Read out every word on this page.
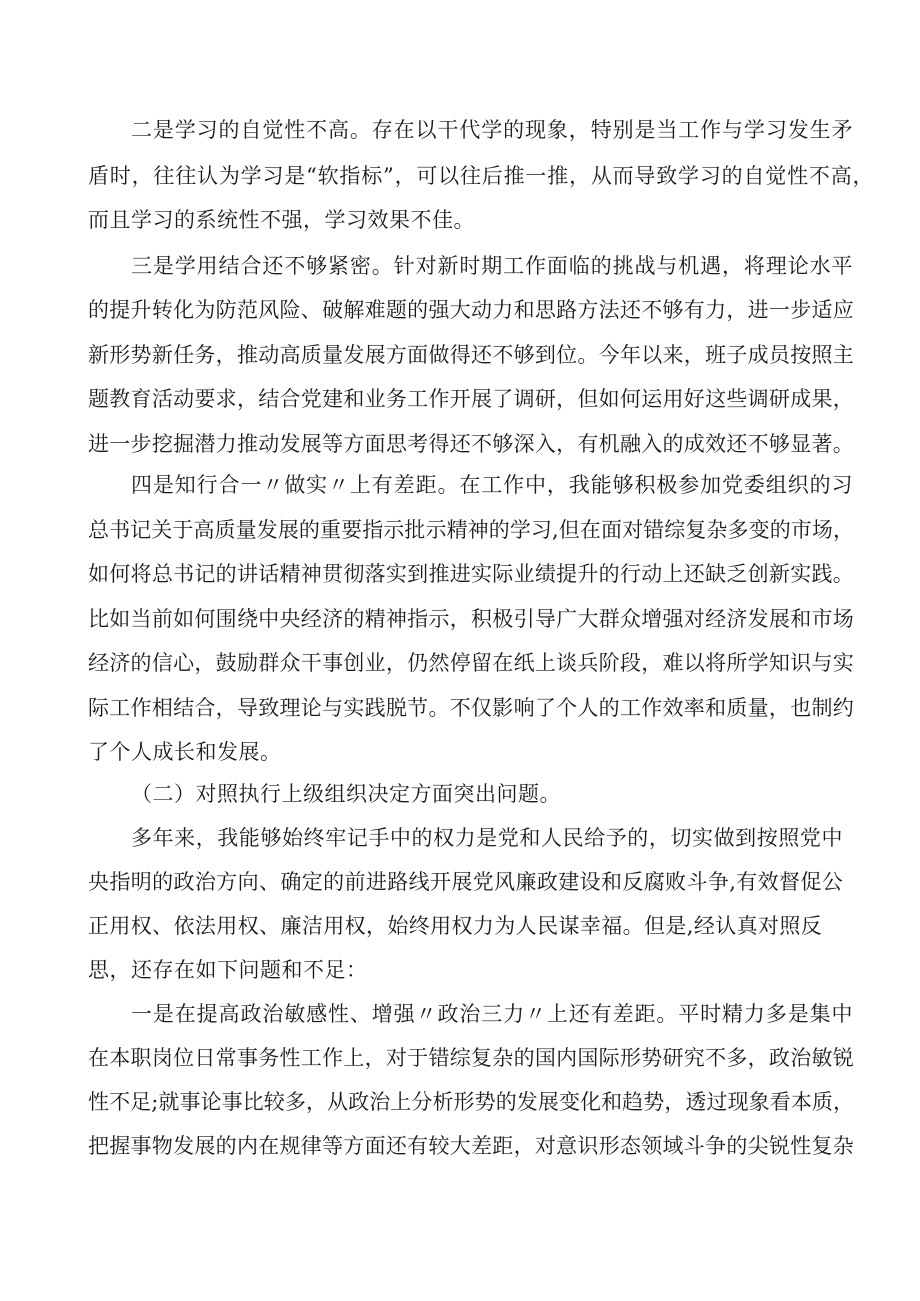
二是学习的自觉性不高。存在以干代学的现象，特别是当工作与学习发生矛
盾时，往往认为学习是“软指标”，可以往后推一推，从而导致学习的自觉性不高，
而且学习的系统性不强，学习效果不佳。
三是学用结合还不够紧密。针对新时期工作面临的挑战与机遇，将理论水平
的提升转化为防范风险、破解难题的强大动力和思路方法还不够有力，进一步适应
新形势新任务，推动高质量发展方面做得还不够到位。今年以来，班子成员按照主
题教育活动要求，结合党建和业务工作开展了调研，但如何运用好这些调研成果，
进一步挖掘潜力推动发展等方面思考得还不够深入，有机融入的成效还不够显著。
四是知行合一〃做实〃上有差距。在工作中，我能够积极参加党委组织的习
总书记关于高质量发展的重要指示批示精神的学习,但在面对错综复杂多变的市场，
如何将总书记的讲话精神贯彻落实到推进实际业绩提升的行动上还缺乏创新实践。
比如当前如何围绕中央经济的精神指示，积极引导广大群众增强对经济发展和市场
经济的信心，鼓励群众干事创业，仍然停留在纸上谈兵阶段，难以将所学知识与实
际工作相结合，导致理论与实践脱节。不仅影响了个人的工作效率和质量，也制约
了个人成长和发展。
（二）对照执行上级组织决定方面突出问题。
多年来，我能够始终牢记手中的权力是党和人民给予的，切实做到按照党中
央指明的政治方向、确定的前进路线开展党风廉政建设和反腐败斗争,有效督促公
正用权、依法用权、廉洁用权，始终用权力为人民谋幸福。但是,经认真对照反
思，还存在如下问题和不足：
一是在提高政治敏感性、增强〃政治三力〃上还有差距。平时精力多是集中
在本职岗位日常事务性工作上，对于错综复杂的国内国际形势研究不多，政治敏锐
性不足;就事论事比较多，从政治上分析形势的发展变化和趋势，透过现象看本质，
把握事物发展的内在规律等方面还有较大差距，对意识形态领域斗争的尖锐性复杂
